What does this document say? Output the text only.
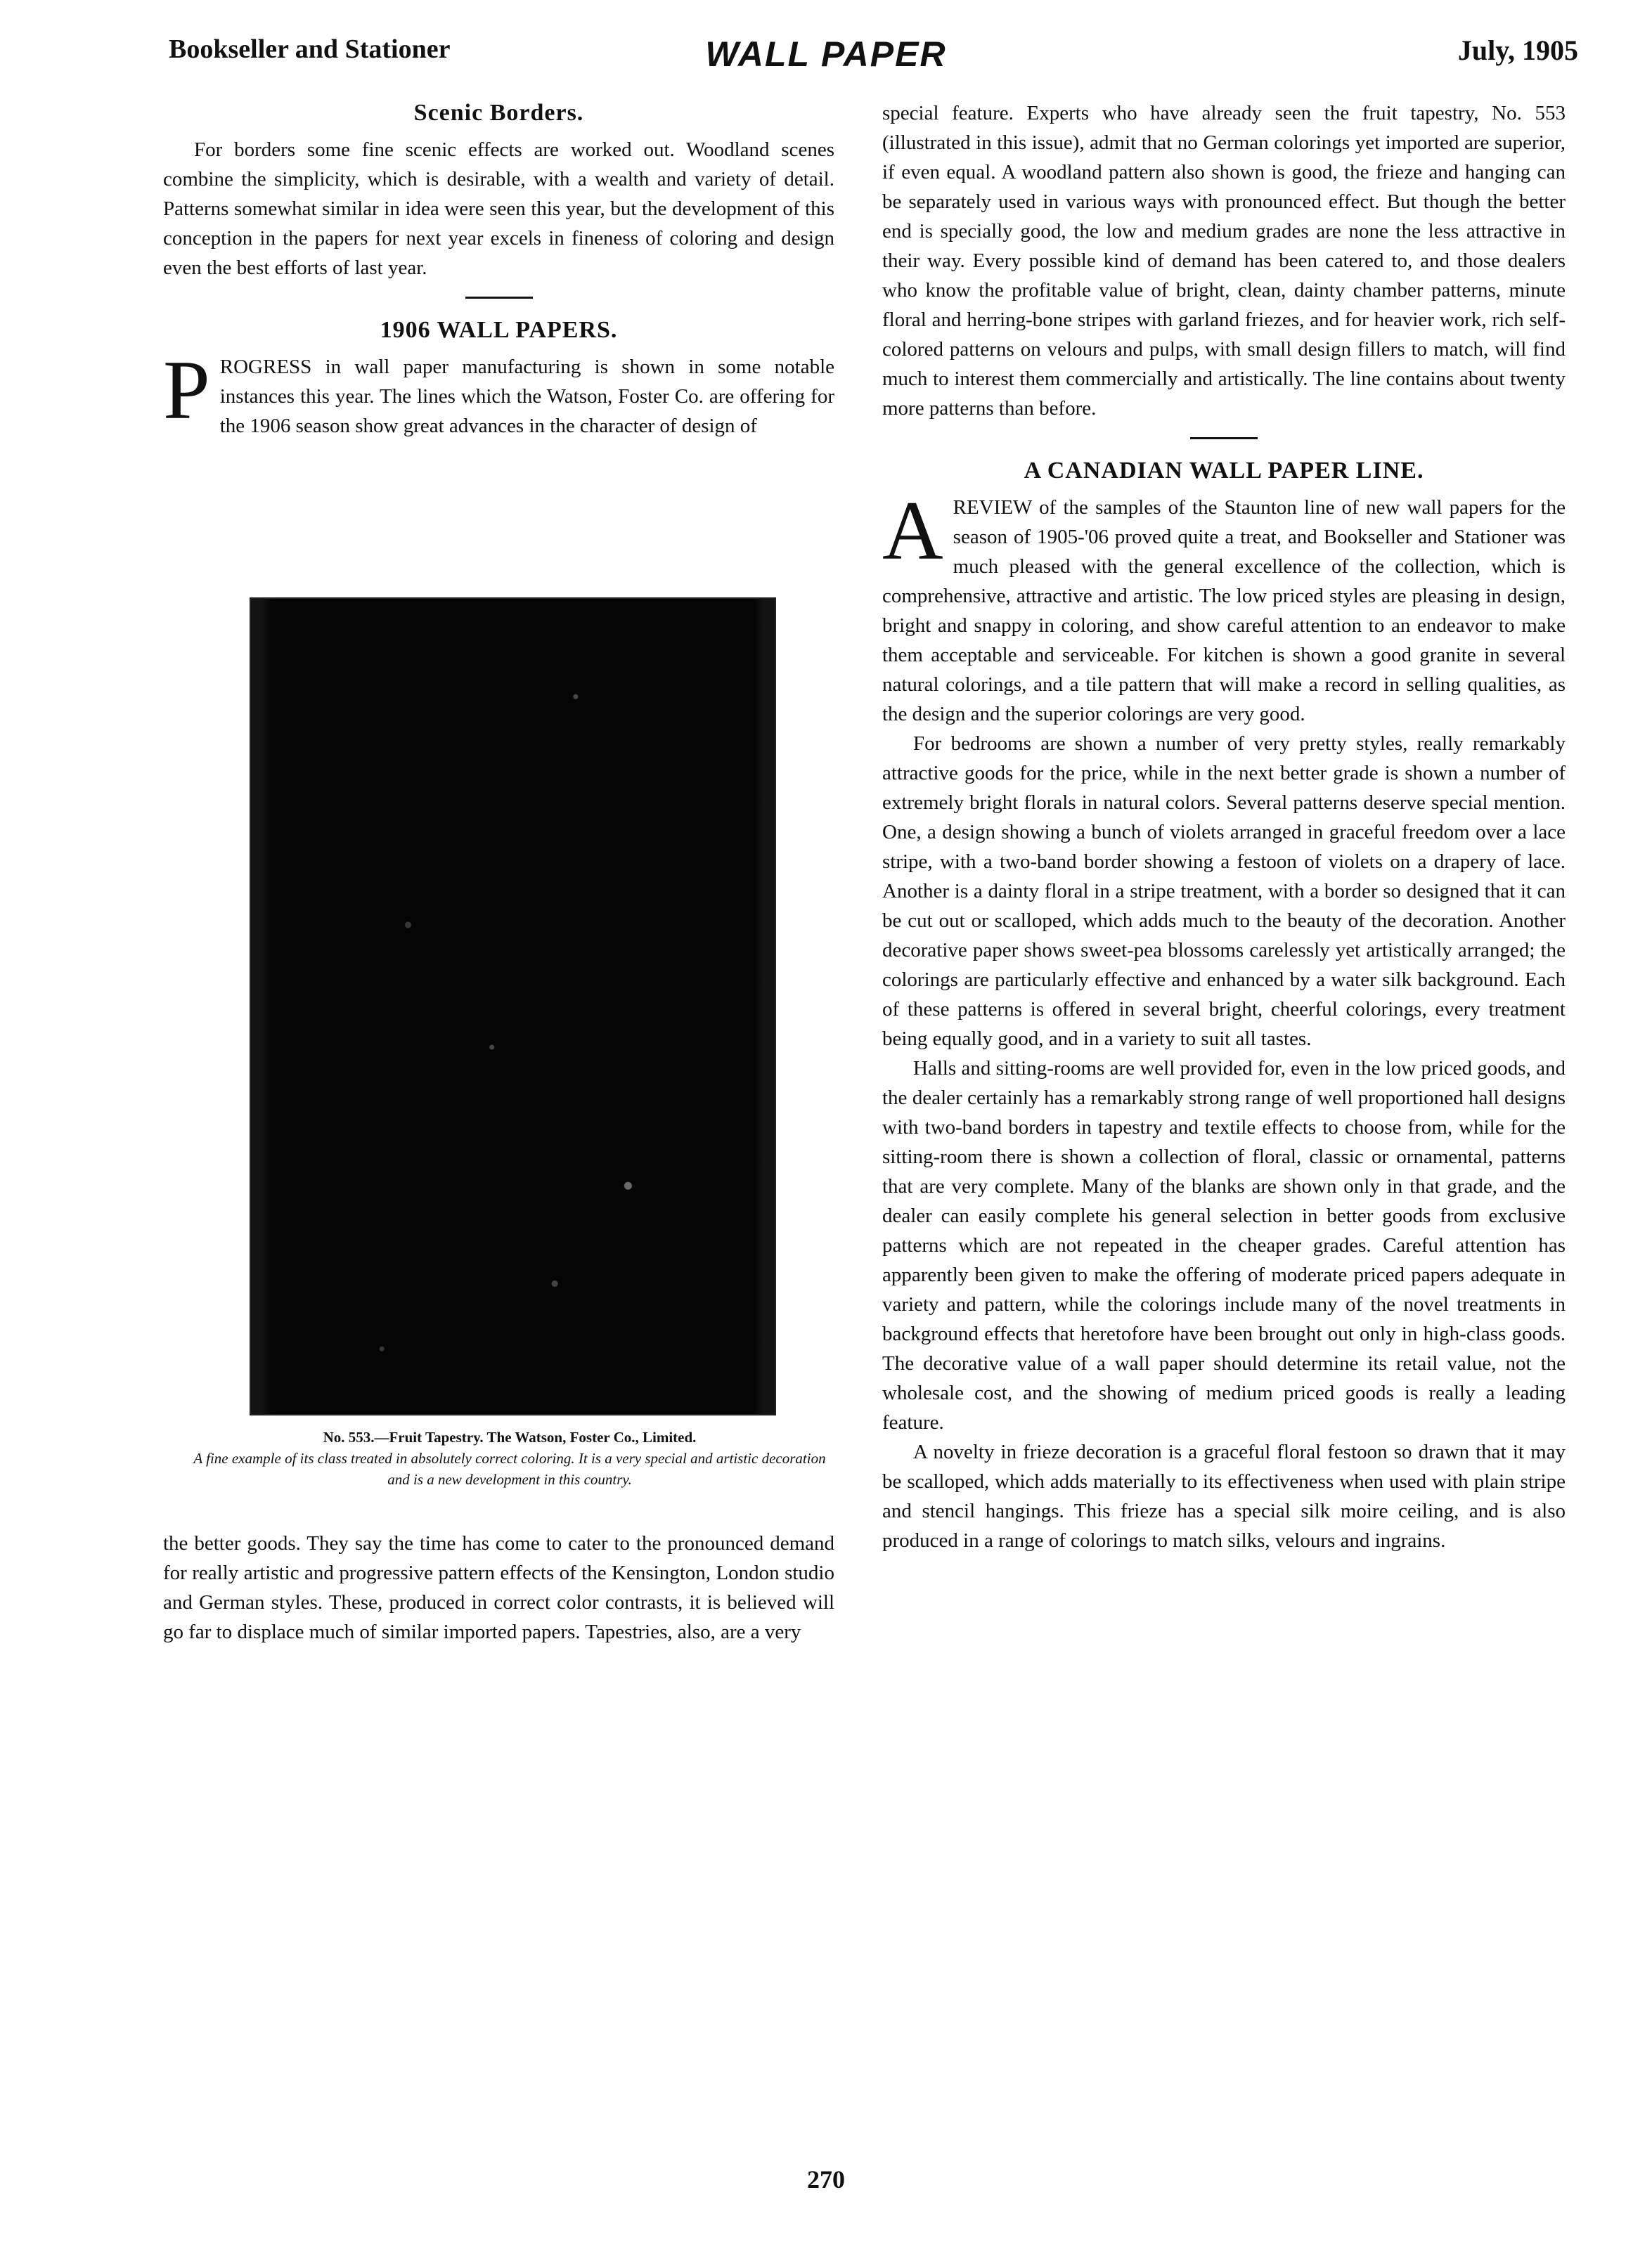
Bookseller and Stationer	WALL PAPER	July, 1905
Scenic Borders.

For borders some fine scenic effects are worked out. Woodland scenes combine the simplicity, which is desirable, with a wealth and variety of detail. Patterns somewhat similar in idea were seen this year, but the development of this conception in the papers for next year excels in fineness of coloring and design even the best efforts of last year.

1906 WALL PAPERS.

PROGRESS in wall paper manufacturing is shown in some notable instances this year. The lines which the Watson, Foster Co. are offering for the 1906 season show great advances in the character of design of

No. 553.—Fruit Tapestry. The Watson, Foster Co., Limited.
A fine example of its class treated in absolutely correct coloring. It is a very special and artistic decoration and is a new development in this country.

the better goods. They say the time has come to cater to the pronounced demand for really artistic and progressive pattern effects of the Kensington, London studio and German styles. These, produced in correct color contrasts, it is believed will go far to displace much of similar imported papers. Tapestries, also, are a very

special feature. Experts who have already seen the fruit tapestry, No. 553 (illustrated in this issue), admit that no German colorings yet imported are superior, if even equal. A woodland pattern also shown is good, the frieze and hanging can be separately used in various ways with pronounced effect. But though the better end is specially good, the low and medium grades are none the less attractive in their way. Every possible kind of demand has been catered to, and those dealers who know the profitable value of bright, clean, dainty chamber patterns, minute floral and herring-bone stripes with garland friezes, and for heavier work, rich self-colored patterns on velours and pulps, with small design fillers to match, will find much to interest them commercially and artistically. The line contains about twenty more patterns than before.

A CANADIAN WALL PAPER LINE.

AREVIEW of the samples of the Staunton line of new wall papers for the season of 1905-'06 proved quite a treat, and Bookseller and Stationer was much pleased with the general excellence of the collection, which is comprehensive, attractive and artistic. The low priced styles are pleasing in design, bright and snappy in coloring, and show careful attention to an endeavor to make them acceptable and serviceable. For kitchen is shown a good granite in several natural colorings, and a tile pattern that will make a record in selling qualities, as the design and the superior colorings are very good.

For bedrooms are shown a number of very pretty styles, really remarkably attractive goods for the price, while in the next better grade is shown a number of extremely bright florals in natural colors. Several patterns deserve special mention. One, a design showing a bunch of violets arranged in graceful freedom over a lace stripe, with a two-band border showing a festoon of violets on a drapery of lace. Another is a dainty floral in a stripe treatment, with a border so designed that it can be cut out or scalloped, which adds much to the beauty of the decoration. Another decorative paper shows sweet-pea blossoms carelessly yet artistically arranged; the colorings are particularly effective and enhanced by a water silk background. Each of these patterns is offered in several bright, cheerful colorings, every treatment being equally good, and in a variety to suit all tastes.

Halls and sitting-rooms are well provided for, even in the low priced goods, and the dealer certainly has a remarkably strong range of well proportioned hall designs with two-band borders in tapestry and textile effects to choose from, while for the sitting-room there is shown a collection of floral, classic or ornamental, patterns that are very complete. Many of the blanks are shown only in that grade, and the dealer can easily complete his general selection in better goods from exclusive patterns which are not repeated in the cheaper grades. Careful attention has apparently been given to make the offering of moderate priced papers adequate in variety and pattern, while the colorings include many of the novel treatments in background effects that heretofore have been brought out only in high-class goods. The decorative value of a wall paper should determine its retail value, not the wholesale cost, and the showing of medium priced goods is really a leading feature.

A novelty in frieze decoration is a graceful floral festoon so drawn that it may be scalloped, which adds materially to its effectiveness when used with plain stripe and stencil hangings. This frieze has a special silk moire ceiling, and is also produced in a range of colorings to match silks, velours and ingrains.

270
